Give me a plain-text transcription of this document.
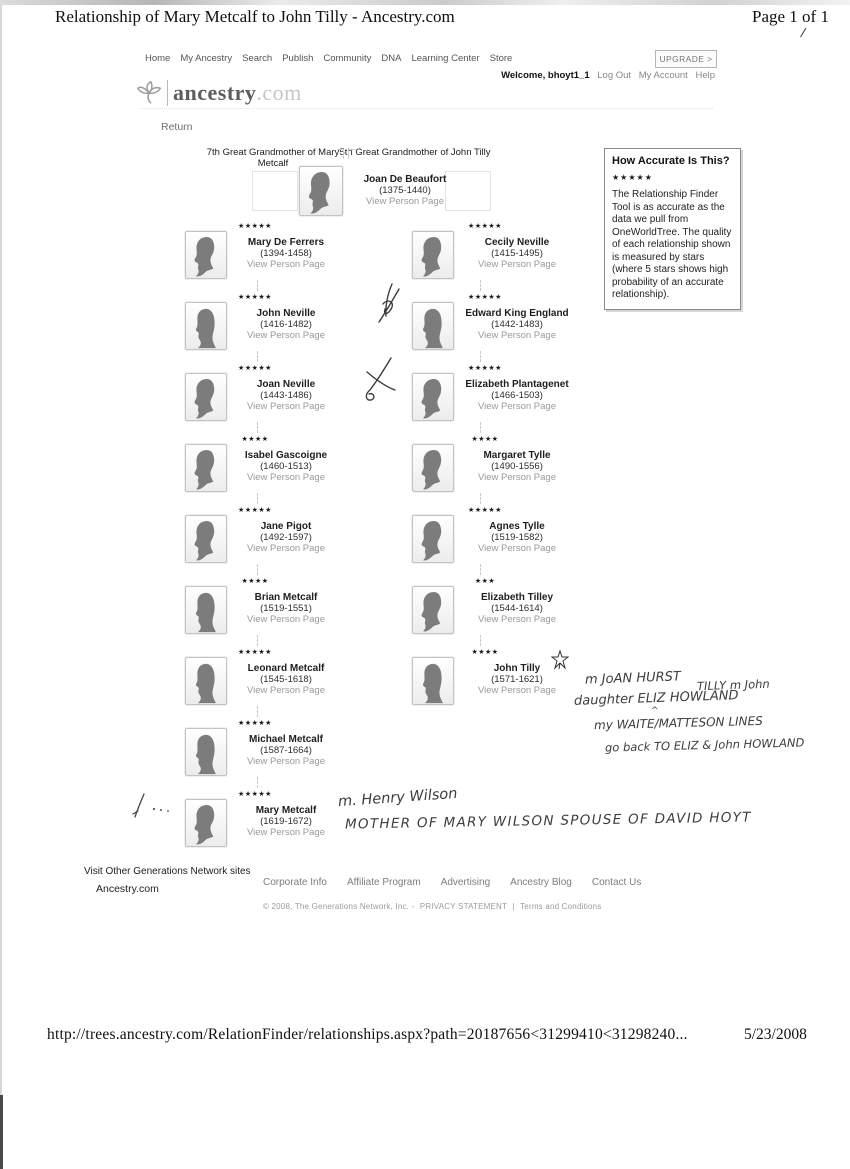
Relationship of Mary Metcalf to John Tilly - Ancestry.com	Page 1 of 1
Home My Ancestry Search Publish Community DNA Learning Center Store	UPGRADE >
Welcome, bhoyt1_1 Log Out My Account Help
ancestry.com
Return
7th Great Grandmother of Mary Metcalf
5th Great Grandmother of John Tilly
Joan De Beaufort
(1375-1440)
View Person Page
★★★★★
Mary De Ferrers
(1394-1458)
View Person Page
★★★★★
John Neville
(1416-1482)
View Person Page
★★★★★
Joan Neville
(1443-1486)
View Person Page
★★★★
Isabel Gascoigne
(1460-1513)
View Person Page
★★★★★
Jane Pigot
(1492-1597)
View Person Page
★★★★
Brian Metcalf
(1519-1551)
View Person Page
★★★★★
Leonard Metcalf
(1545-1618)
View Person Page
★★★★★
Michael Metcalf
(1587-1664)
View Person Page
★★★★★
Mary Metcalf
(1619-1672)
View Person Page
★★★★★
Cecily Neville
(1415-1495)
View Person Page
★★★★★
Edward King England
(1442-1483)
View Person Page
★★★★★
Elizabeth Plantagenet
(1466-1503)
View Person Page
★★★★
Margaret Tylle
(1490-1556)
View Person Page
★★★★★
Agnes Tylle
(1519-1582)
View Person Page
★★★
Elizabeth Tilley
(1544-1614)
View Person Page
★★★★
John Tilly
(1571-1621)
View Person Page
How Accurate Is This?
★★★★★
The Relationship Finder Tool is as accurate as the data we pull from OneWorldTree. The quality of each relationship shown is measured by stars (where 5 stars shows high probability of an accurate relationship).
m JoAN HURST TILLY m John
daughter ELIZ HOWLAND
^
my WAITE/MATTESON LINES
go back TO ELIZ & John HOWLAND
m. Henry Wilson
MOTHER OF MARY WILSON SPOUSE OF DAVID HOYT
Visit Other Generations Network sites
Ancestry.com
Corporate Info Affiliate Program Advertising Ancestry Blog Contact Us
© 2008, The Generations Network, Inc. - PRIVACY STATEMENT | Terms and Conditions
http://trees.ancestry.com/RelationFinder/relationships.aspx?path=20187656<31299410<31298240...	5/23/2008
